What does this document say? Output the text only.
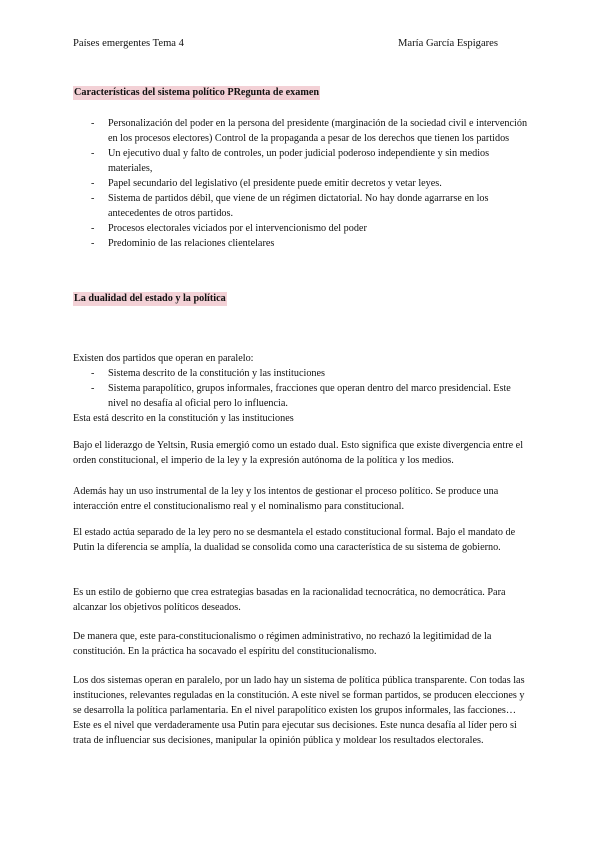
Países emergentes Tema 4	María García Espigares
Características del sistema político PRegunta de examen
- Personalización del poder en la persona del presidente (marginación de la sociedad civil e intervención en los procesos electores) Control de la propaganda a pesar de los derechos que tienen los partidos
- Un ejecutivo dual y falto de controles, un poder judicial poderoso independiente y sin medios materiales,
- Papel secundario del legislativo (el presidente puede emitir decretos y vetar leyes.
- Sistema de partidos débil, que viene de un régimen dictatorial. No hay donde agarrarse en los antecedentes de otros partidos.
- Procesos electorales viciados por el intervencionismo del poder
- Predominio de las relaciones clientelares
La dualidad del estado y la política

Existen dos partidos que operan en paralelo:

- Sistema descrito de la constitución y las instituciones
- Sistema parapolítico, grupos informales, fracciones que operan dentro del marco presidencial. Este nivel no desafía al oficial pero lo influencia.

Esta está descrito en la constitución y las instituciones

Bajo el liderazgo de Yeltsin, Rusia emergió como un estado dual. Esto significa que existe divergencia entre el orden constitucional, el imperio de la ley y la expresión autónoma de la política y los medios.

Además hay un uso instrumental de la ley y los intentos de gestionar el proceso político. Se produce una interacción entre el constitucionalismo real y el nominalismo para constitucional.

El estado actúa separado de la ley pero no se desmantela el estado constitucional formal. Bajo el mandato de Putin la diferencia se amplía, la dualidad se consolida como una característica de su sistema de gobierno.

Es un estilo de gobierno que crea estrategias basadas en la racionalidad tecnocrática, no democrática. Para alcanzar los objetivos políticos deseados.

De manera que, este para-constitucionalismo o régimen administrativo, no rechazó la legitimidad de la constitución. En la práctica ha socavado el espíritu del constitucionalismo.

Los dos sistemas operan en paralelo, por un lado hay un sistema de política pública transparente. Con todas las instituciones, relevantes reguladas en la constitución. A este nivel se forman partidos, se producen elecciones y se desarrolla la política parlamentaria. En el nivel parapolítico existen los grupos informales, las facciones… Este es el nivel que verdaderamente usa Putin para ejecutar sus decisiones. Este nunca desafía al líder pero si trata de influenciar sus decisiones, manipular la opinión pública y moldear los resultados electorales.
